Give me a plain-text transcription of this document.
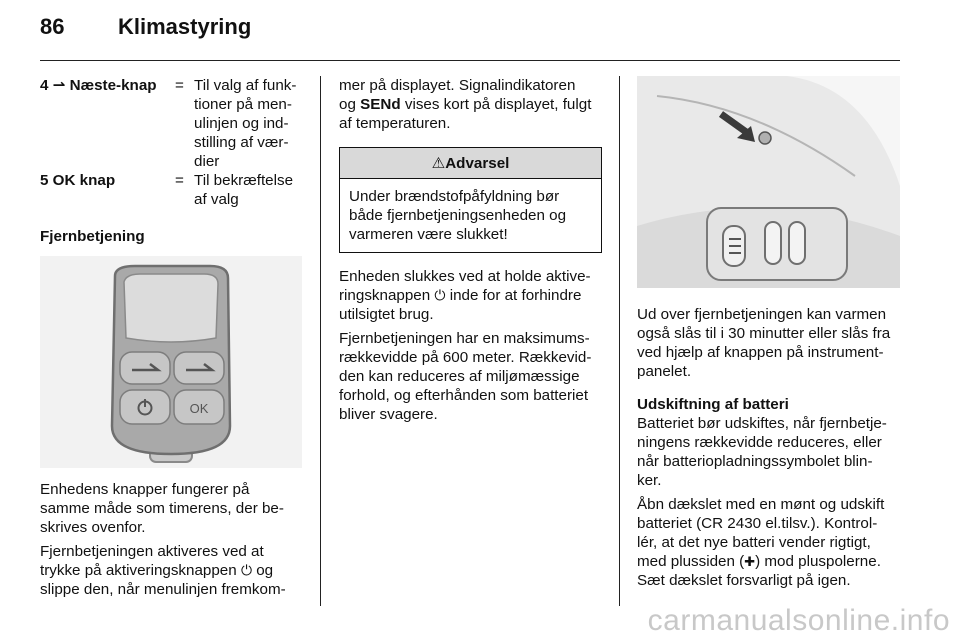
86 Klimastyring
4 ⇀ Næste-knap	= Til valg af funk-
tioner på men-
ulinjen og ind-
stilling af vær-
dier
5 OK knap	= Til bekræftelse
af valg
Fjernbetjening
OK

Enhedens knapper fungerer på
samme måde som timerens, der be-
skrives ovenfor.

Fjernbetjeningen aktiveres ved at
trykke på aktiveringsknappen ⏻ og
slippe den, når menulinjen fremkom-

mer på displayet. Signalindikatoren
og SENd vises kort på displayet, fulgt
af temperaturen.

⚠Advarsel
Under brændstofpåfyldning bør
både fjernbetjeningsenheden og
varmeren være slukket!

Enheden slukkes ved at holde aktive-
ringsknappen ⏻ inde for at forhindre
utilsigtet brug.

Fjernbetjeningen har en maksimums-
rækkevidde på 600 meter. Rækkevid-
den kan reduceres af miljømæssige
forhold, og efterhånden som batteriet
bliver svagere.

Ud over fjernbetjeningen kan varmen
også slås til i 30 minutter eller slås fra
ved hjælp af knappen på instrument-
panelet.

Udskiftning af batteri

Batteriet bør udskiftes, når fjernbetje-
ningens rækkevidde reduceres, eller
når batteriopladningssymbolet blin-
ker.

Åbn dækslet med en mønt og udskift
batteriet (CR 2430 el.tilsv.). Kontrol-
lér, at det nye batteri vender rigtigt,
med plussiden (✚) mod pluspolerne.
Sæt dækslet forsvarligt på igen.

carmanualsonline.info
